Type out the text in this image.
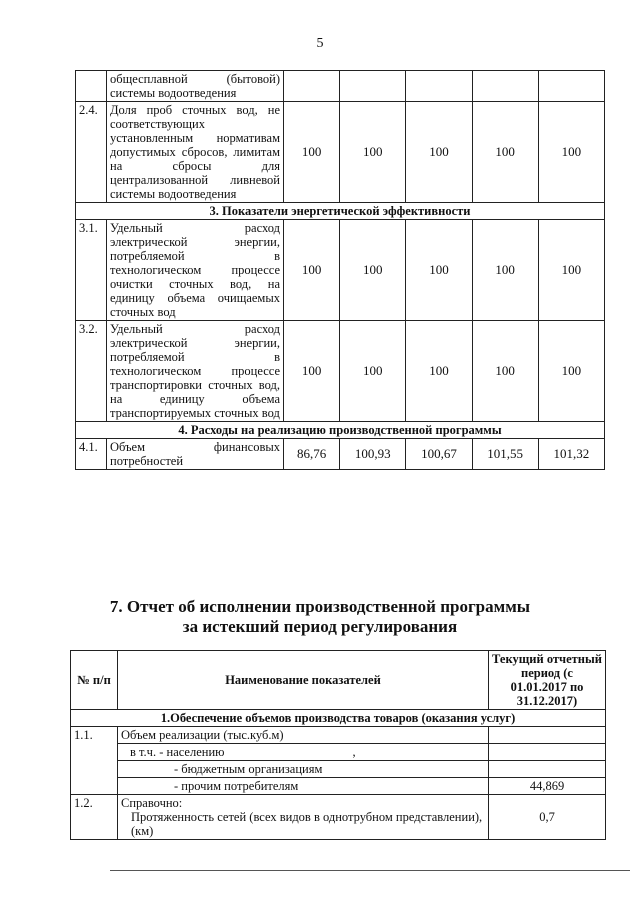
5
	общесплавной (бытовой) системы водоотведения					
2.4.	Доля проб сточных вод, не соответствующих установленным нормативам допустимых сбросов, лимитам на сбросы для централизованной ливневой системы водоотведения	100	100	100	100	100
3. Показатели энергетической эффективности						
3.1.	Удельный расход электрической энергии, потребляемой в технологическом процессе очистки сточных вод, на единицу объема очищаемых сточных вод	100	100	100	100	100
3.2.	Удельный расход электрической энергии, потребляемой в технологическом процессе транспортировки сточных вод, на единицу объема транспортируемых сточных вод	100	100	100	100	100
4. Расходы на реализацию производственной программы						
4.1.	Объем финансовых потребностей	86,76	100,93	100,67	101,55	101,32
7. Отчет об исполнении производственной программы
за истекший период регулирования
№ п/п	Наименование показателей	Текущий отчетный период (с 01.01.2017 по 31.12.2017)
1.Обеспечение объемов производства товаров (оказания услуг)		
1.1.	Объем реализации (тыс.куб.м)	
	в т.ч. - населению ,	
	- бюджетным организациям	
	- прочим потребителям	44,869
1.2.	Справочно:
Протяженность сетей (всех видов в однотрубном представлении), (км)	0,7
